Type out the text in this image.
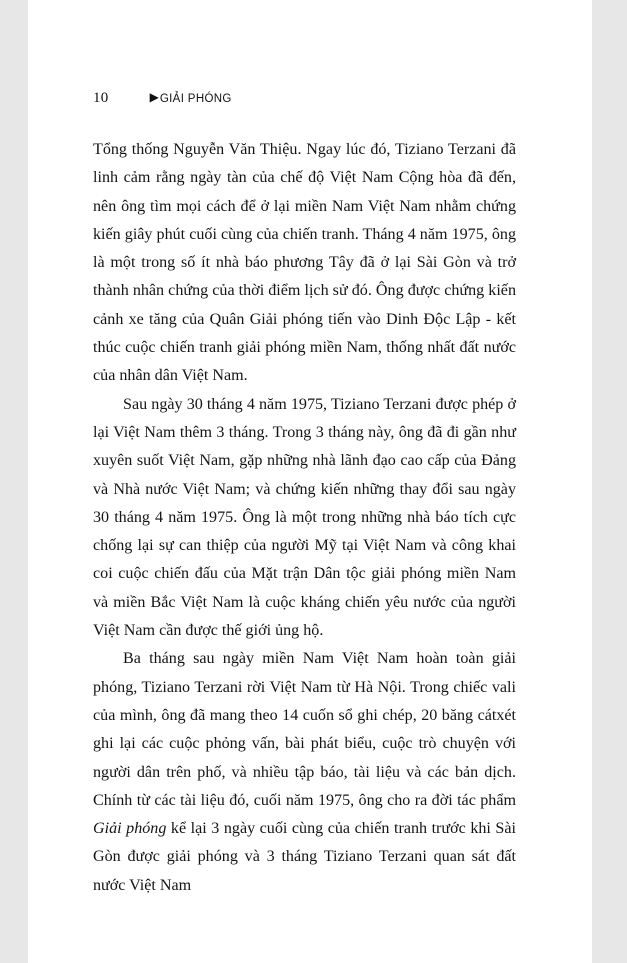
10	▶ GIẢI PHÓNG

Tổng thống Nguyễn Văn Thiệu. Ngay lúc đó, Tiziano Terzani đã linh cảm rằng ngày tàn của chế độ Việt Nam Cộng hòa đã đến, nên ông tìm mọi cách để ở lại miền Nam Việt Nam nhằm chứng kiến giây phút cuối cùng của chiến tranh. Tháng 4 năm 1975, ông là một trong số ít nhà báo phương Tây đã ở lại Sài Gòn và trở thành nhân chứng của thời điểm lịch sử đó. Ông được chứng kiến cảnh xe tăng của Quân Giải phóng tiến vào Dinh Độc Lập - kết thúc cuộc chiến tranh giải phóng miền Nam, thống nhất đất nước của nhân dân Việt Nam.

Sau ngày 30 tháng 4 năm 1975, Tiziano Terzani được phép ở lại Việt Nam thêm 3 tháng. Trong 3 tháng này, ông đã đi gần như xuyên suốt Việt Nam, gặp những nhà lãnh đạo cao cấp của Đảng và Nhà nước Việt Nam; và chứng kiến những thay đổi sau ngày 30 tháng 4 năm 1975. Ông là một trong những nhà báo tích cực chống lại sự can thiệp của người Mỹ tại Việt Nam và công khai coi cuộc chiến đấu của Mặt trận Dân tộc giải phóng miền Nam và miền Bắc Việt Nam là cuộc kháng chiến yêu nước của người Việt Nam cần được thế giới ủng hộ.

Ba tháng sau ngày miền Nam Việt Nam hoàn toàn giải phóng, Tiziano Terzani rời Việt Nam từ Hà Nội. Trong chiếc vali của mình, ông đã mang theo 14 cuốn sổ ghi chép, 20 băng cátxét ghi lại các cuộc phỏng vấn, bài phát biểu, cuộc trò chuyện với người dân trên phố, và nhiều tập báo, tài liệu và các bản dịch. Chính từ các tài liệu đó, cuối năm 1975, ông cho ra đời tác phẩm Giải phóng kể lại 3 ngày cuối cùng của chiến tranh trước khi Sài Gòn được giải phóng và 3 tháng Tiziano Terzani quan sát đất nước Việt Nam
